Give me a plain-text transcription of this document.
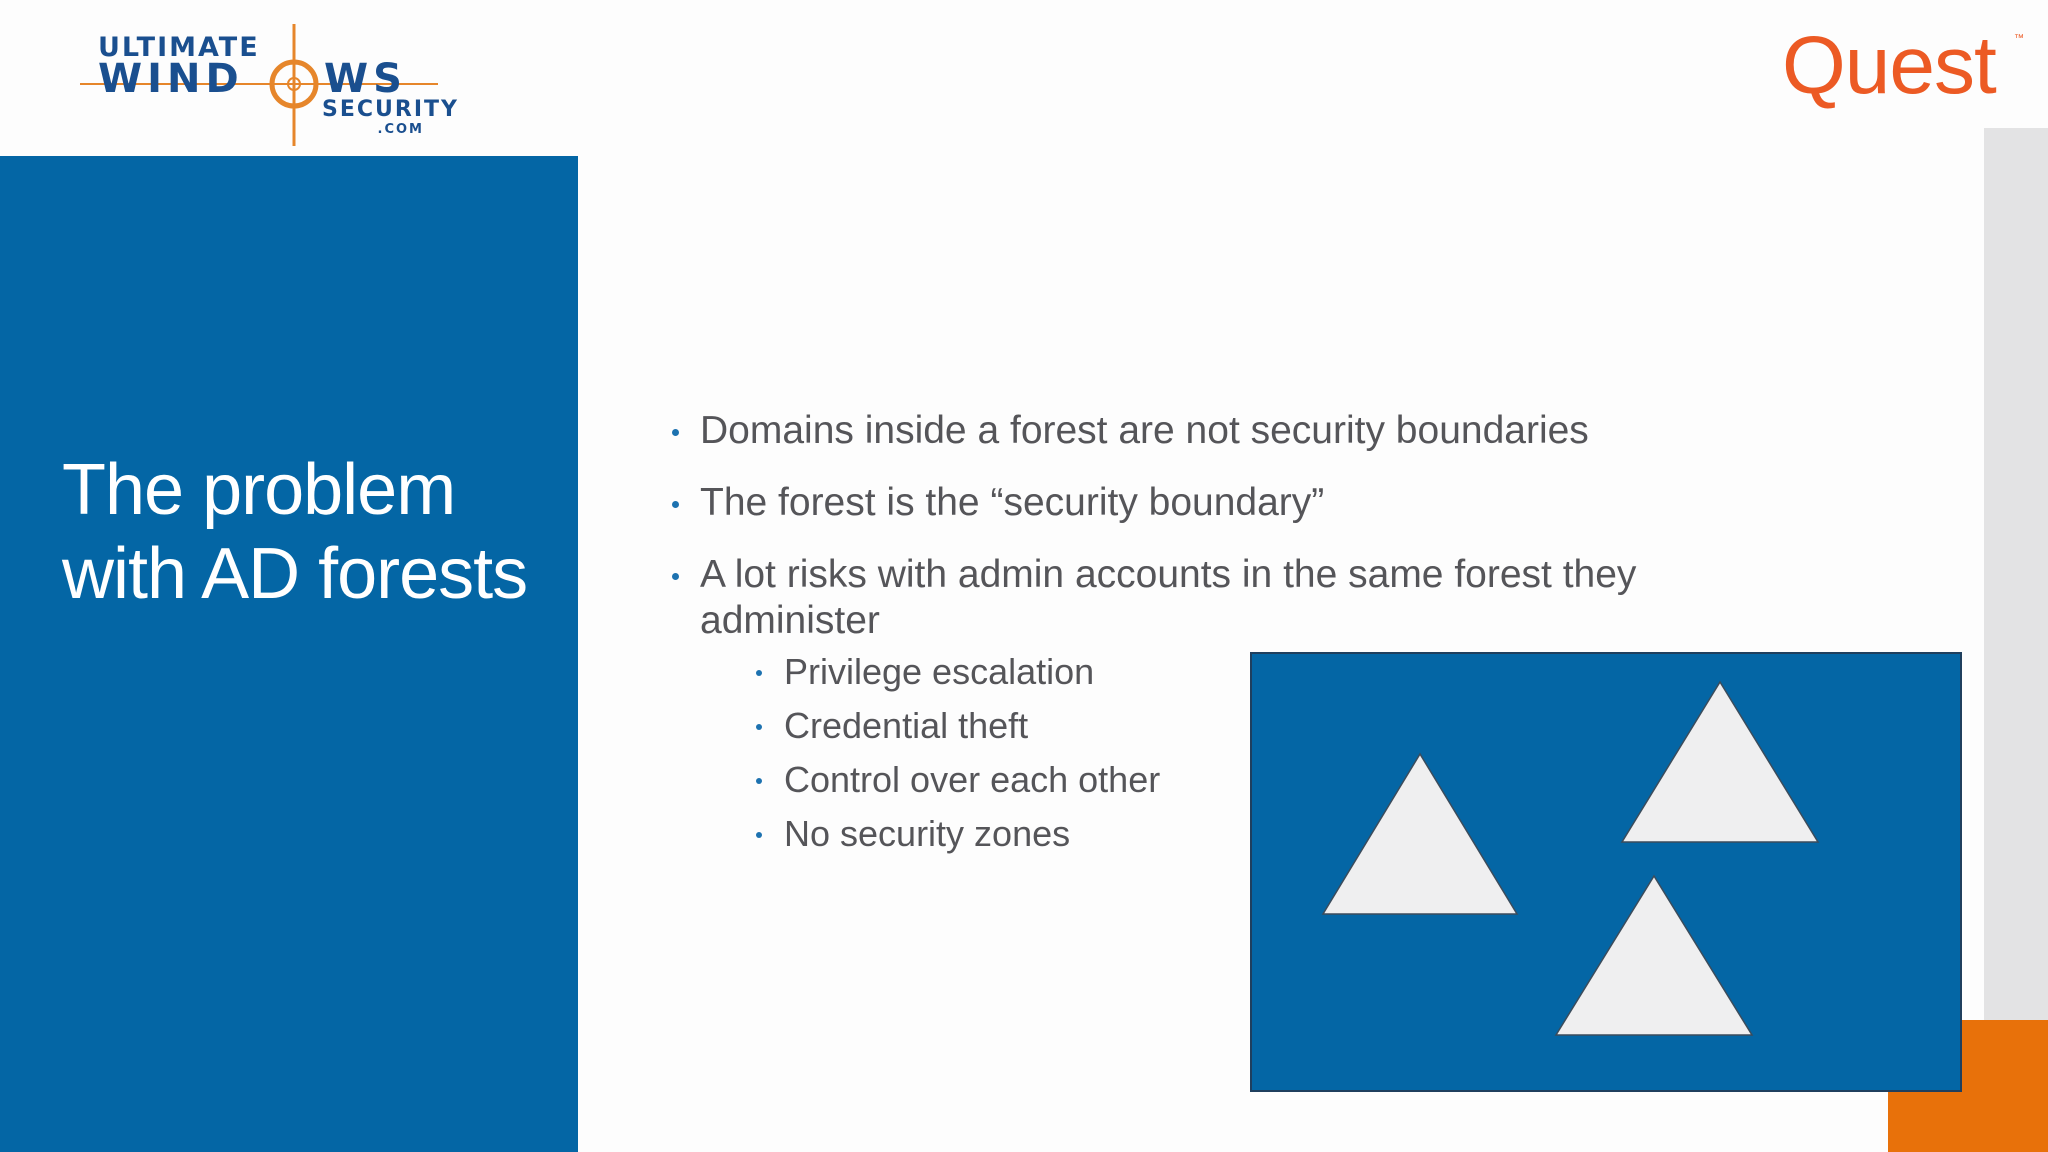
ULTIMATE
WIND WS
SECURITY
.COM
Quest ™
The problem with AD forests
Domains inside a forest are not security boundaries
The forest is the “security boundary”
A lot risks with admin accounts in the same forest they administer
Privilege escalation
Credential theft
Control over each other
No security zones
